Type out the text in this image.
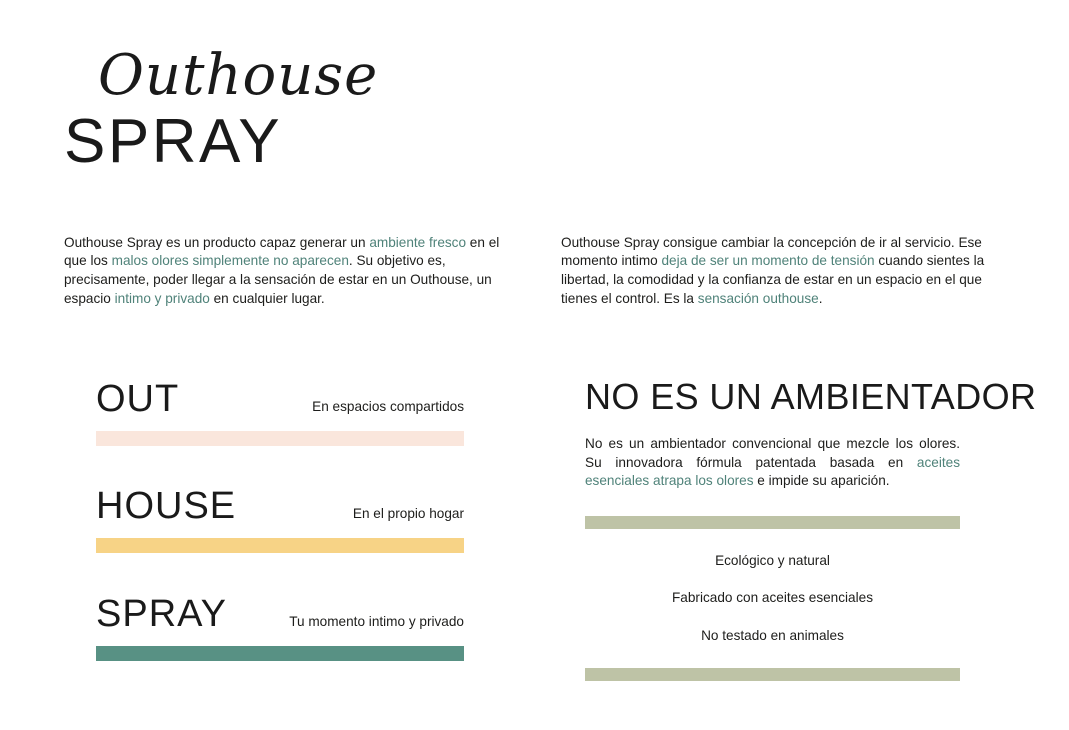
Outhouse
SPRAY

Outhouse Spray es un producto capaz generar un ambiente fresco en el que los malos olores simplemente no aparecen. Su objetivo es, precisamente, poder llegar a la sensación de estar en un Outhouse, un espacio intimo y privado en cualquier lugar.

Outhouse Spray consigue cambiar la concepción de ir al servicio. Ese momento intimo deja de ser un momento de tensión cuando sientes la libertad, la comodidad y la confianza de estar en un espacio en el que tienes el control. Es la sensación outhouse.

OUT	En espacios compartidos
HOUSE	En el propio hogar
SPRAY	Tu momento intimo y privado
NO ES UN AMBIENTADOR

No es un ambientador convencional que mezcle los olores. Su innovadora fórmula patentada basada en aceites esenciales atrapa los olores e impide su aparición.

Ecológico y natural
Fabricado con aceites esenciales
No testado en animales
